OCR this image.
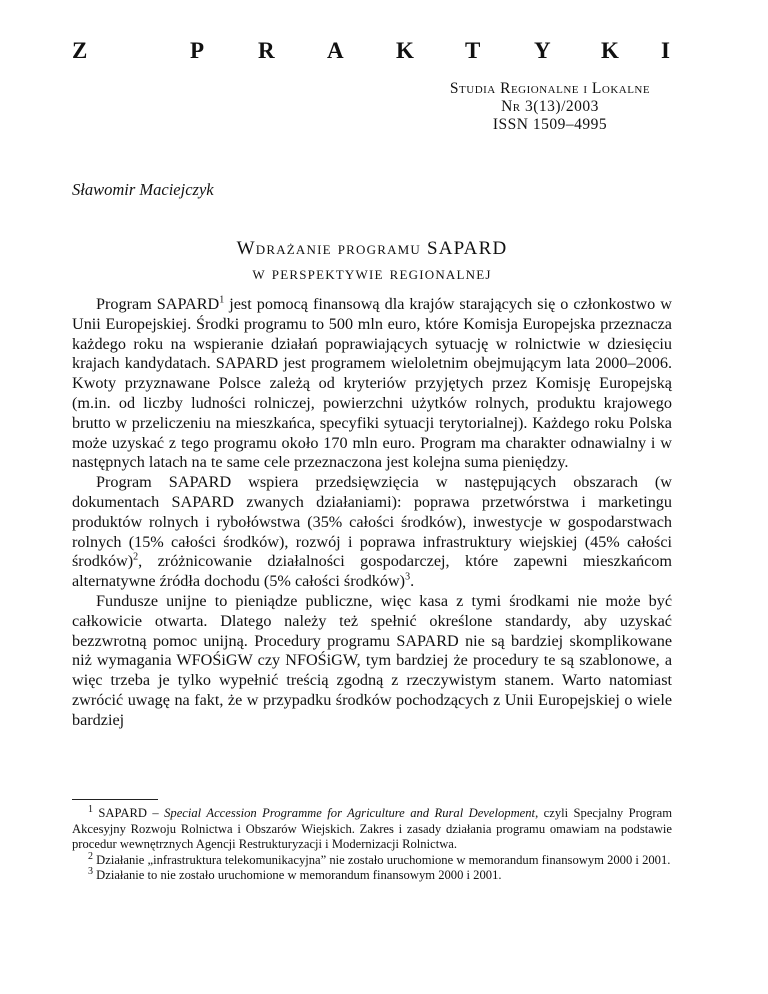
Z	P R A K T Y K I
Studia Regionalne i Lokalne
Nr 3(13)/2003
ISSN 1509–4995
Sławomir Maciejczyk
Wdrażanie programu SAPARD
w perspektywie regionalnej

Program SAPARD$^1$ jest pomocą finansową dla krajów starających się o członkostwo w Unii Europejskiej. Środki programu to 500 mln euro, które Komisja Europejska przeznacza każdego roku na wspieranie działań poprawiających sytuację w rolnictwie w dziesięciu krajach kandydatach. SAPARD jest programem wieloletnim obejmującym lata 2000–2006. Kwoty przyznawane Polsce zależą od kryteriów przyjętych przez Komisję Europejską (m.in. od liczby ludności rolniczej, powierzchni użytków rolnych, produktu krajowego brutto w przeliczeniu na mieszkańca, specyfiki sytuacji terytorialnej). Każdego roku Polska może uzyskać z tego programu około 170 mln euro. Program ma charakter odnawialny i w następnych latach na te same cele przeznaczona jest kolejna suma pieniędzy.

Program SAPARD wspiera przedsięwzięcia w następujących obszarach (w dokumentach SAPARD zwanych działaniami): poprawa przetwórstwa i marketingu produktów rolnych i rybołówstwa (35% całości środków), inwestycje w gospodarstwach rolnych (15% całości środków), rozwój i poprawa infrastruktury wiejskiej (45% całości środków)$^2$, zróżnicowanie działalności gospodarczej, które zapewni mieszkańcom alternatywne źródła dochodu (5% całości środków)$^3$.

Fundusze unijne to pieniądze publiczne, więc kasa z tymi środkami nie może być całkowicie otwarta. Dlatego należy też spełnić określone standardy, aby uzyskać bezzwrotną pomoc unijną. Procedury programu SAPARD nie są bardziej skomplikowane niż wymagania WFOŚiGW czy NFOŚiGW, tym bardziej że procedury te są szablonowe, a więc trzeba je tylko wypełnić treścią zgodną z rzeczywistym stanem. Warto natomiast zwrócić uwagę na fakt, że w przypadku środków pochodzących z Unii Europejskiej o wiele bardziej

$^1$ SAPARD – Special Accession Programme for Agriculture and Rural Development, czyli Specjalny Program Akcesyjny Rozwoju Rolnictwa i Obszarów Wiejskich. Zakres i zasady działania programu omawiam na podstawie procedur wewnętrznych Agencji Restrukturyzacji i Modernizacji Rolnictwa.

$^2$ Działanie „infrastruktura telekomunikacyjna” nie zostało uruchomione w memorandum finansowym 2000 i 2001.

$^3$ Działanie to nie zostało uruchomione w memorandum finansowym 2000 i 2001.
